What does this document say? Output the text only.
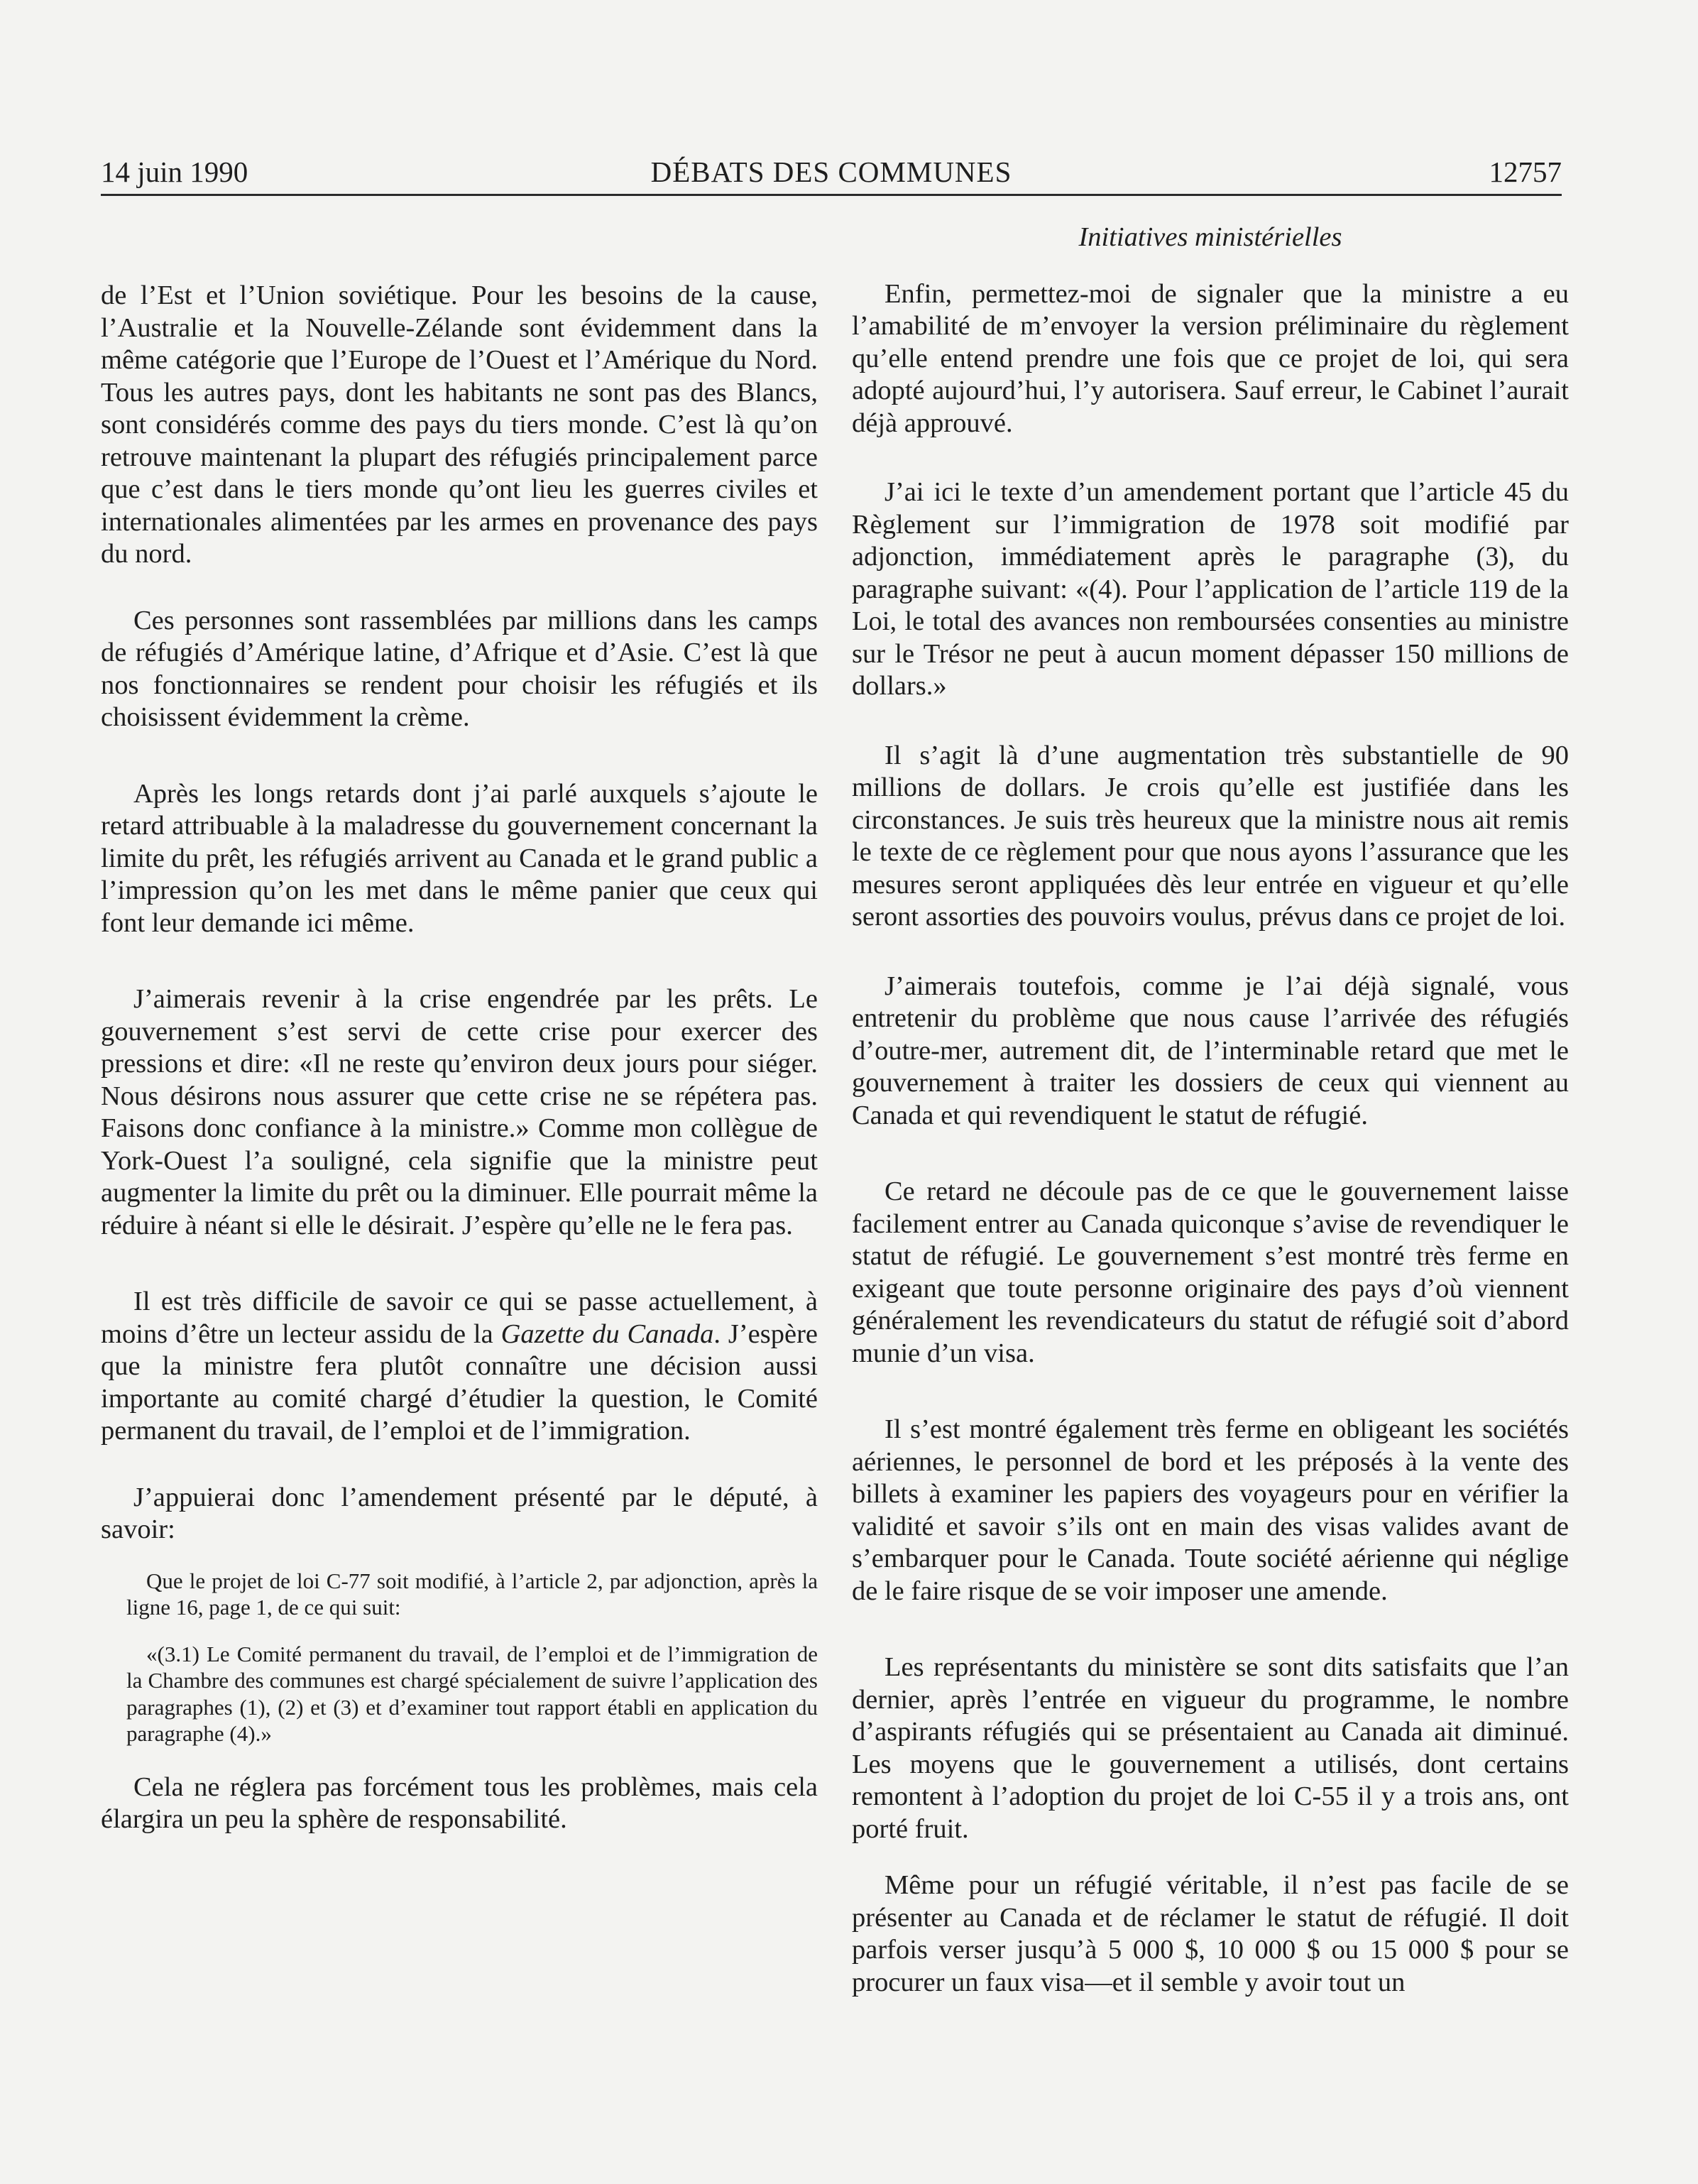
14 juin 1990	DÉBATS DES COMMUNES	12757

de l’Est et l’Union soviétique. Pour les besoins de la cause, l’Australie et la Nouvelle-Zélande sont évidemment dans la même catégorie que l’Europe de l’Ouest et l’Amérique du Nord. Tous les autres pays, dont les habitants ne sont pas des Blancs, sont considérés comme des pays du tiers monde. C’est là qu’on retrouve maintenant la plupart des réfugiés principalement parce que c’est dans le tiers monde qu’ont lieu les guerres civiles et internationales alimentées par les armes en provenance des pays du nord.

Ces personnes sont rassemblées par millions dans les camps de réfugiés d’Amérique latine, d’Afrique et d’Asie. C’est là que nos fonctionnaires se rendent pour choisir les réfugiés et ils choisissent évidemment la crème.

Après les longs retards dont j’ai parlé auxquels s’ajoute le retard attribuable à la maladresse du gouvernement concernant la limite du prêt, les réfugiés arrivent au Canada et le grand public a l’impression qu’on les met dans le même panier que ceux qui font leur demande ici même.

J’aimerais revenir à la crise engendrée par les prêts. Le gouvernement s’est servi de cette crise pour exercer des pressions et dire: «Il ne reste qu’environ deux jours pour siéger. Nous désirons nous assurer que cette crise ne se répétera pas. Faisons donc confiance à la ministre.» Comme mon collègue de York-Ouest l’a souligné, cela signifie que la ministre peut augmenter la limite du prêt ou la diminuer. Elle pourrait même la réduire à néant si elle le désirait. J’espère qu’elle ne le fera pas.

Il est très difficile de savoir ce qui se passe actuellement, à moins d’être un lecteur assidu de la Gazette du Canada. J’espère que la ministre fera plutôt connaître une décision aussi importante au comité chargé d’étudier la question, le Comité permanent du travail, de l’emploi et de l’immigration.

J’appuierai donc l’amendement présenté par le député, à savoir:

Que le projet de loi C-77 soit modifié, à l’article 2, par adjonction, après la ligne 16, page 1, de ce qui suit:

«(3.1) Le Comité permanent du travail, de l’emploi et de l’immigration de la Chambre des communes est chargé spécialement de suivre l’application des paragraphes (1), (2) et (3) et d’examiner tout rapport établi en application du paragraphe (4).»

Cela ne réglera pas forcément tous les problèmes, mais cela élargira un peu la sphère de responsabilité.

Initiatives ministérielles

Enfin, permettez-moi de signaler que la ministre a eu l’amabilité de m’envoyer la version préliminaire du règlement qu’elle entend prendre une fois que ce projet de loi, qui sera adopté aujourd’hui, l’y autorisera. Sauf erreur, le Cabinet l’aurait déjà approuvé.

J’ai ici le texte d’un amendement portant que l’article 45 du Règlement sur l’immigration de 1978 soit modifié par adjonction, immédiatement après le paragraphe (3), du paragraphe suivant: «(4). Pour l’application de l’article 119 de la Loi, le total des avances non remboursées consenties au ministre sur le Trésor ne peut à aucun moment dépasser 150 millions de dollars.»

Il s’agit là d’une augmentation très substantielle de 90 millions de dollars. Je crois qu’elle est justifiée dans les circonstances. Je suis très heureux que la ministre nous ait remis le texte de ce règlement pour que nous ayons l’assurance que les mesures seront appliquées dès leur entrée en vigueur et qu’elle seront assorties des pouvoirs voulus, prévus dans ce projet de loi.

J’aimerais toutefois, comme je l’ai déjà signalé, vous entretenir du problème que nous cause l’arrivée des réfugiés d’outre-mer, autrement dit, de l’interminable retard que met le gouvernement à traiter les dossiers de ceux qui viennent au Canada et qui revendiquent le statut de réfugié.

Ce retard ne découle pas de ce que le gouvernement laisse facilement entrer au Canada quiconque s’avise de revendiquer le statut de réfugié. Le gouvernement s’est montré très ferme en exigeant que toute personne originaire des pays d’où viennent généralement les revendicateurs du statut de réfugié soit d’abord munie d’un visa.

Il s’est montré également très ferme en obligeant les sociétés aériennes, le personnel de bord et les préposés à la vente des billets à examiner les papiers des voyageurs pour en vérifier la validité et savoir s’ils ont en main des visas valides avant de s’embarquer pour le Canada. Toute société aérienne qui néglige de le faire risque de se voir imposer une amende.

Les représentants du ministère se sont dits satisfaits que l’an dernier, après l’entrée en vigueur du programme, le nombre d’aspirants réfugiés qui se présentaient au Canada ait diminué. Les moyens que le gouvernement a utilisés, dont certains remontent à l’adoption du projet de loi C-55 il y a trois ans, ont porté fruit.

Même pour un réfugié véritable, il n’est pas facile de se présenter au Canada et de réclamer le statut de réfugié. Il doit parfois verser jusqu’à 5 000 $, 10 000 $ ou 15 000 $ pour se procurer un faux visa—et il semble y avoir tout un
